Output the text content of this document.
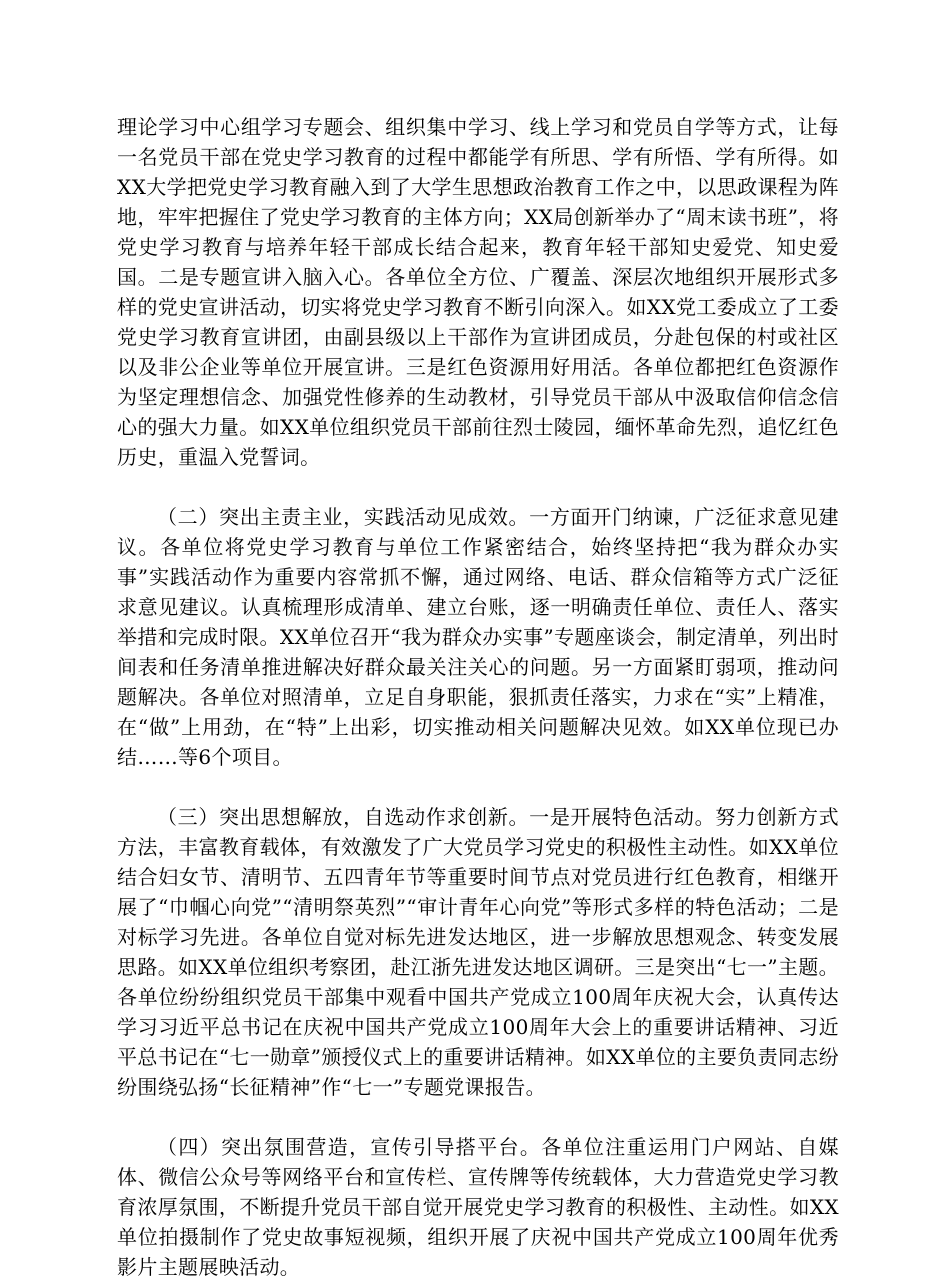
理论学习中心组学习专题会、组织集中学习、线上学习和党员自学等方式，让每一名党员干部在党史学习教育的过程中都能学有所思、学有所悟、学有所得。如XX大学把党史学习教育融入到了大学生思想政治教育工作之中，以思政课程为阵地，牢牢把握住了党史学习教育的主体方向；XX局创新举办了“周末读书班”，将党史学习教育与培养年轻干部成长结合起来，教育年轻干部知史爱党、知史爱国。二是专题宣讲入脑入心。各单位全方位、广覆盖、深层次地组织开展形式多样的党史宣讲活动，切实将党史学习教育不断引向深入。如XX党工委成立了工委党史学习教育宣讲团，由副县级以上干部作为宣讲团成员，分赴包保的村或社区以及非公企业等单位开展宣讲。三是红色资源用好用活。各单位都把红色资源作为坚定理想信念、加强党性修养的生动教材，引导党员干部从中汲取信仰信念信心的强大力量。如XX单位组织党员干部前往烈士陵园，缅怀革命先烈，追忆红色历史，重温入党誓词。

（二）突出主责主业，实践活动见成效。一方面开门纳谏，广泛征求意见建议。各单位将党史学习教育与单位工作紧密结合，始终坚持把“我为群众办实事”实践活动作为重要内容常抓不懈，通过网络、电话、群众信箱等方式广泛征求意见建议。认真梳理形成清单、建立台账，逐一明确责任单位、责任人、落实举措和完成时限。XX单位召开“我为群众办实事”专题座谈会，制定清单，列出时间表和任务清单推进解决好群众最关注关心的问题。另一方面紧盯弱项，推动问题解决。各单位对照清单，立足自身职能，狠抓责任落实，力求在“实”上精准，在“做”上用劲，在“特”上出彩，切实推动相关问题解决见效。如XX单位现已办结……等6个项目。

（三）突出思想解放，自选动作求创新。一是开展特色活动。努力创新方式方法，丰富教育载体，有效激发了广大党员学习党史的积极性主动性。如XX单位结合妇女节、清明节、五四青年节等重要时间节点对党员进行红色教育，相继开展了“巾帼心向党”“清明祭英烈”“审计青年心向党”等形式多样的特色活动；二是对标学习先进。各单位自觉对标先进发达地区，进一步解放思想观念、转变发展思路。如XX单位组织考察团，赴江浙先进发达地区调研。三是突出“七一”主题。各单位纷纷组织党员干部集中观看中国共产党成立100周年庆祝大会，认真传达学习习近平总书记在庆祝中国共产党成立100周年大会上的重要讲话精神、习近平总书记在“七一勋章”颁授仪式上的重要讲话精神。如XX单位的主要负责同志纷纷围绕弘扬“长征精神”作“七一”专题党课报告。

（四）突出氛围营造，宣传引导搭平台。各单位注重运用门户网站、自媒体、微信公众号等网络平台和宣传栏、宣传牌等传统载体，大力营造党史学习教育浓厚氛围，不断提升党员干部自觉开展党史学习教育的积极性、主动性。如XX单位拍摄制作了党史故事短视频，组织开展了庆祝中国共产党成立100周年优秀影片主题展映活动。
